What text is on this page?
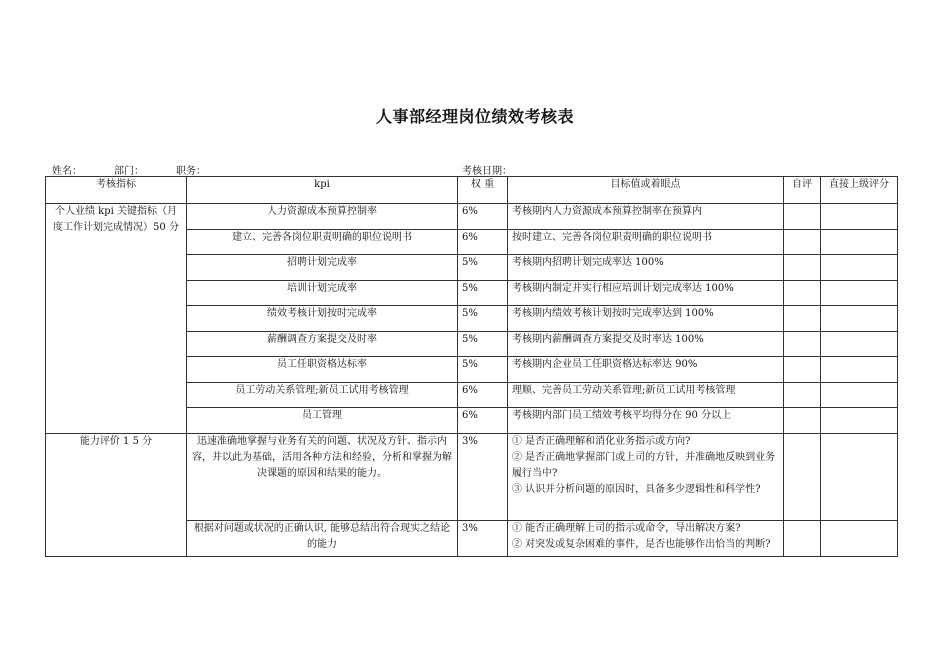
人事部经理岗位绩效考核表
姓名：	部门：	职务：	考核日期：
考核指标	kpi	权 重	目标值或着眼点	自评	直接上级评分
个人业绩 kpi 关键指标（月度工作计划完成情况）50 分	人力资源成本预算控制率	6%	考核期内人力资源成本预算控制率在预算内		
	建立、完善各岗位职责明确的职位说明书	6%	按时建立、完善各岗位职责明确的职位说明书		
	招聘计划完成率	5%	考核期内招聘计划完成率达 100%		
	培训计划完成率	5%	考核期内制定并实行相应培训计划完成率达 100%		
	绩效考核计划按时完成率	5%	考核期内绩效考核计划按时完成率达到 100%		
	薪酬调查方案提交及时率	5%	考核期内薪酬调查方案提交及时率达 100%		
	员工任职资格达标率	5%	考核期内企业员工任职资格达标率达 90%		
	员工劳动关系管理;新员工试用考核管理	6%	理顺、完善员工劳动关系管理;新员工试用考核管理		
	员工管理	6%	考核期内部门员工绩效考核平均得分在 90 分以上		
能力评价 1 5 分	迅速准确地掌握与业务有关的问题、状况及方针、指示内容，并以此为基础，活用各种方法和经验，分析和掌握为解决课题的原因和结果的能力。	3%	① 是否正确理解和消化业务指示或方向?
② 是否正确地掌握部门或上司的方针，并准确地反映到业务履行当中?
③ 认识并分析问题的原因时，具备多少逻辑性和科学性?		

	根据对问题或状况的正确认识, 能够总结出符合现实之结论的能力	3%	① 能否正确理解上司的指示或命令，导出解决方案?
② 对突发或复杂困难的事件，是否也能够作出恰当的判断?		
